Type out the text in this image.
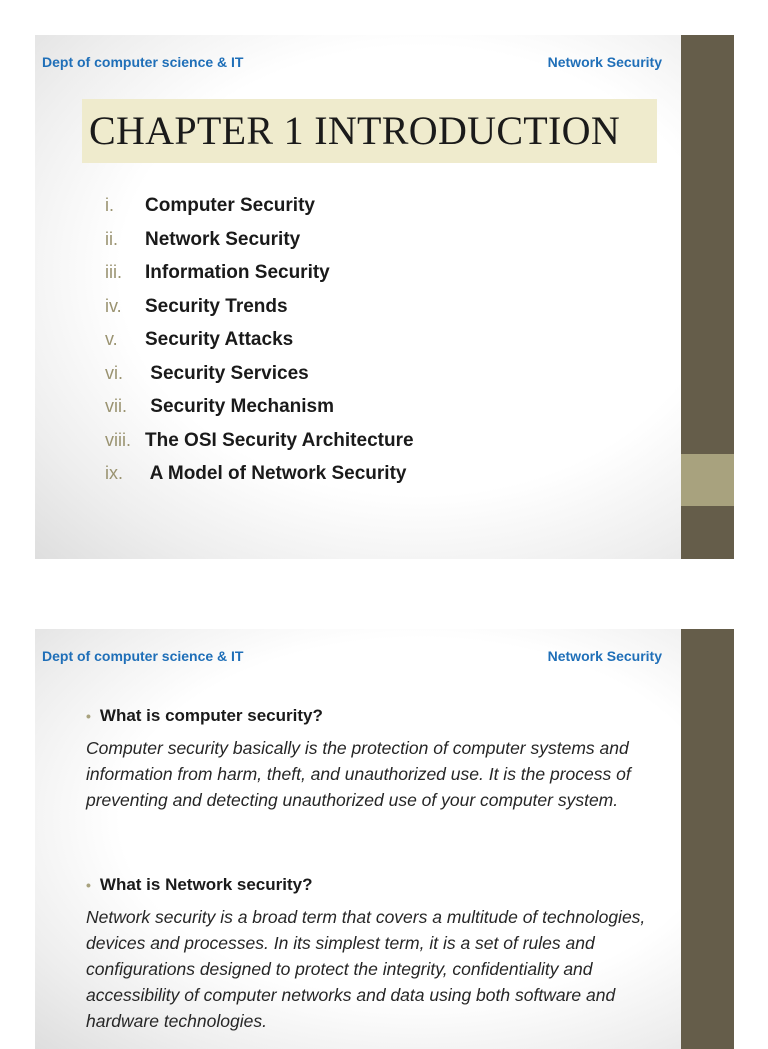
Dept of computer science & IT	Network Security
CHAPTER 1 INTRODUCTION
i.	Computer Security
ii.	Network Security
iii.	Information Security
iv.	Security Trends
v.	Security Attacks
vi.	Security Services
vii. Security Mechanism
viii. The OSI Security Architecture
ix.	A Model of Network Security
Dept of computer science & IT	Network Security
• What is computer security?

Computer security basically is the protection of computer systems and information from harm, theft, and unauthorized use. It is the process of preventing and detecting unauthorized use of your computer system.

• What is Network security?

Network security is a broad term that covers a multitude of technologies, devices and processes. In its simplest term, it is a set of rules and configurations designed to protect the integrity, confidentiality and accessibility of computer networks and data using both software and hardware technologies.
